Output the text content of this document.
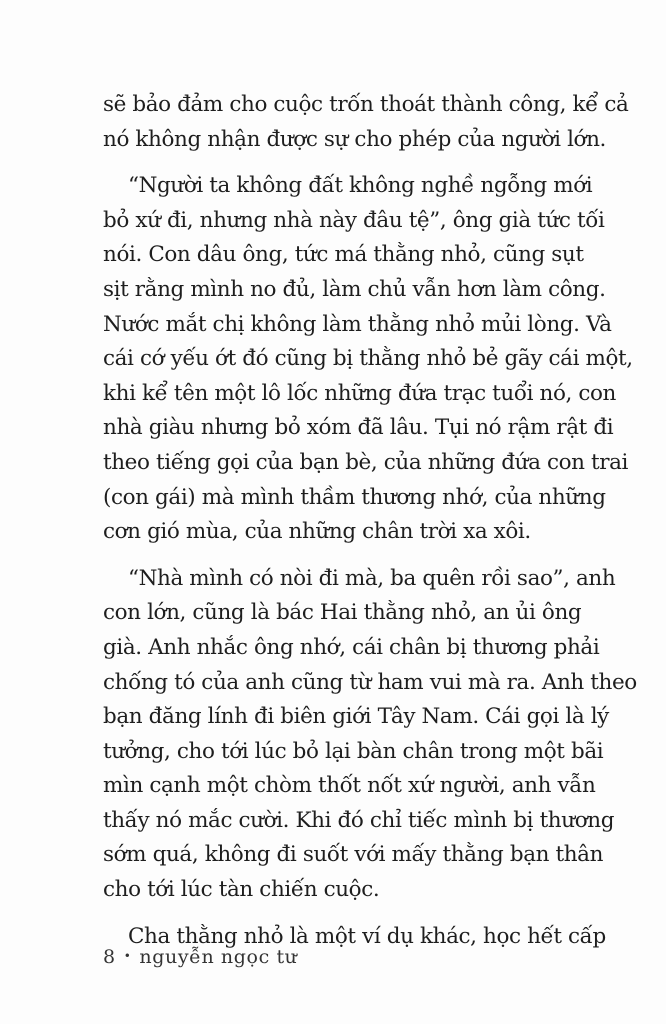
sẽ bảo đảm cho cuộc trốn thoát thành công, kể cả
nó không nhận được sự cho phép của người lớn.

“Người ta không đất không nghề ngỗng mới
bỏ xứ đi, nhưng nhà này đâu tệ”, ông già tức tối
nói. Con dâu ông, tức má thằng nhỏ, cũng sụt
sịt rằng mình no đủ, làm chủ vẫn hơn làm công.
Nước mắt chị không làm thằng nhỏ mủi lòng. Và
cái cớ yếu ớt đó cũng bị thằng nhỏ bẻ gãy cái một,
khi kể tên một lô lốc những đứa trạc tuổi nó, con
nhà giàu nhưng bỏ xóm đã lâu. Tụi nó rậm rật đi
theo tiếng gọi của bạn bè, của những đứa con trai
(con gái) mà mình thầm thương nhớ, của những
cơn gió mùa, của những chân trời xa xôi.

“Nhà mình có nòi đi mà, ba quên rồi sao”, anh
con lớn, cũng là bác Hai thằng nhỏ, an ủi ông
già. Anh nhắc ông nhớ, cái chân bị thương phải
chống tó của anh cũng từ ham vui mà ra. Anh theo
bạn đăng lính đi biên giới Tây Nam. Cái gọi là lý
tưởng, cho tới lúc bỏ lại bàn chân trong một bãi
mìn cạnh một chòm thốt nốt xứ người, anh vẫn
thấy nó mắc cười. Khi đó chỉ tiếc mình bị thương
sớm quá, không đi suốt với mấy thằng bạn thân
cho tới lúc tàn chiến cuộc.

Cha thằng nhỏ là một ví dụ khác, học hết cấp

8 • nguyễn ngọc tư
